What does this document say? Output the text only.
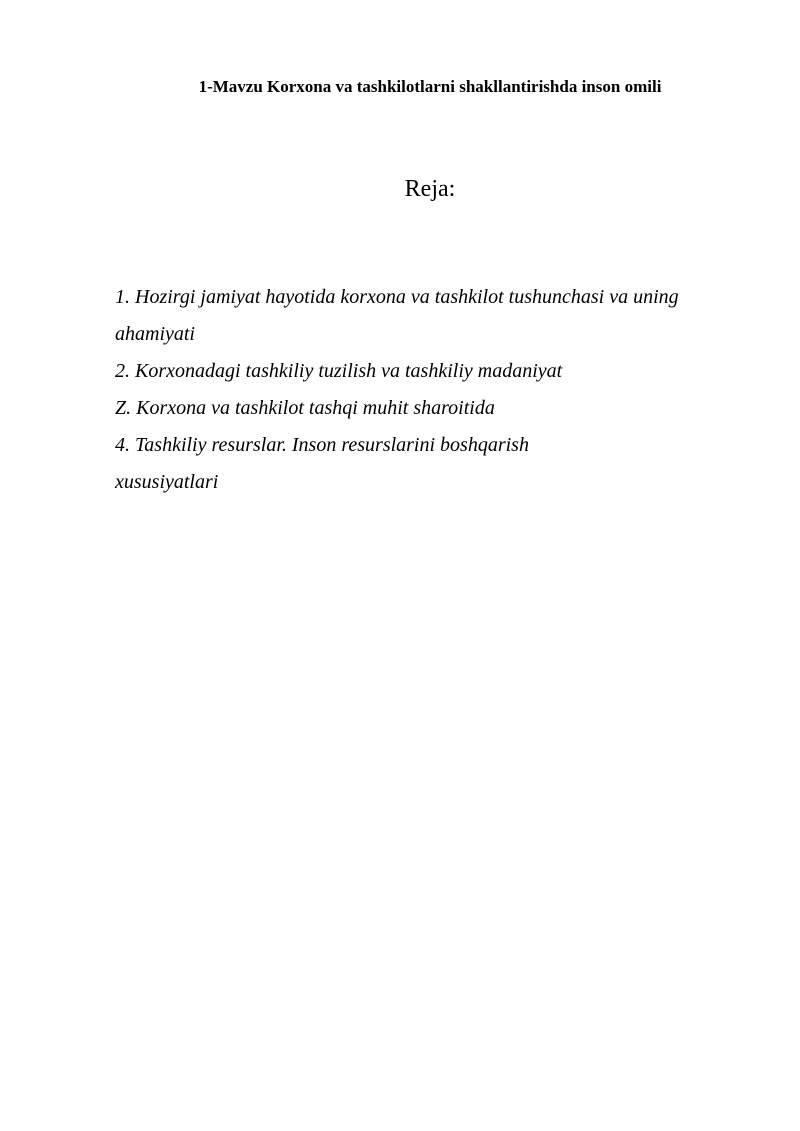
1-Mavzu Korxona va tashkilotlarni shakllantirishda inson omili
Reja:
1. Hozirgi jamiyat hayotida korxona va tashkilot tushunchasi va uning
ahamiyati
2. Korxonadagi tashkiliy tuzilish va tashkiliy madaniyat
Z. Korxona va tashkilot tashqi muhit sharoitida
4. Tashkiliy resurslar. Inson resurslarini boshqarish
xususiyatlari
